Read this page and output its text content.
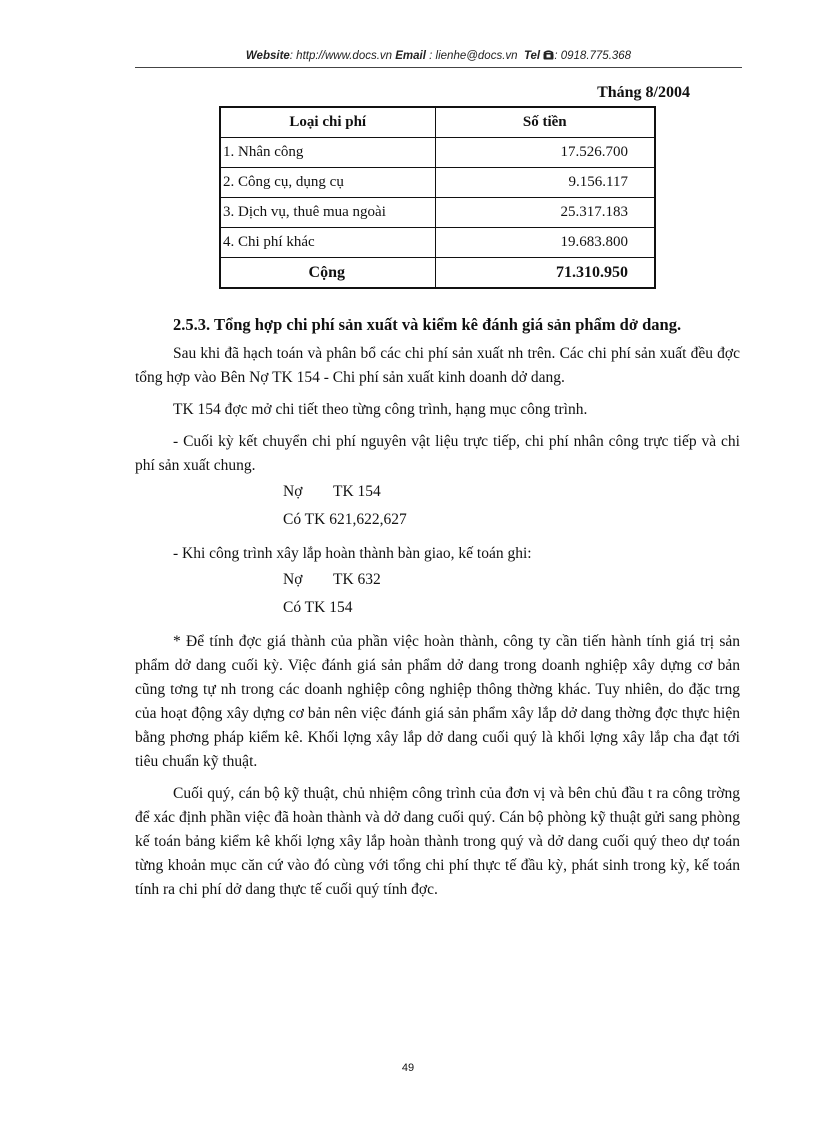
Website: http://www.docs.vn Email : lienhe@docs.vn Tel : 0918.775.368
Tháng 8/2004
Loại chi phí	Số tiền
1. Nhân công	17.526.700
2. Công cụ, dụng cụ	9.156.117
3. Dịch vụ, thuê mua ngoài	25.317.183
4. Chi phí khác	19.683.800
Cộng	71.310.950
2.5.3. Tổng hợp chi phí sản xuất và kiểm kê đánh giá sản phẩm dở dang.

Sau khi đã hạch toán và phân bổ các chi phí sản xuất nh trên. Các chi phí sản xuất đều đợc tổng hợp vào Bên Nợ TK 154 - Chi phí sản xuất kinh doanh dở dang.

TK 154 đợc mở chi tiết theo từng công trình, hạng mục công trình.

- Cuối kỳ kết chuyển chi phí nguyên vật liệu trực tiếp, chi phí nhân công trực tiếp và chi phí sản xuất chung.

Nợ	TK 154
Có TK 621,622,627

- Khi công trình xây lắp hoàn thành bàn giao, kế toán ghi:

Nợ	TK 632
Có TK 154

* Để tính đợc giá thành của phần việc hoàn thành, công ty cần tiến hành tính giá trị sản phẩm dở dang cuối kỳ. Việc đánh giá sản phẩm dở dang trong doanh nghiệp xây dựng cơ bản cũng tơng tự nh trong các doanh nghiệp công nghiệp thông thờng khác. Tuy nhiên, do đặc trng của hoạt động xây dựng cơ bản nên việc đánh giá sản phẩm xây lắp dở dang thờng đợc thực hiện bằng phơng pháp kiểm kê. Khối lợng xây lắp dở dang cuối quý là khối lợng xây lắp cha đạt tới tiêu chuẩn kỹ thuật.

Cuối quý, cán bộ kỹ thuật, chủ nhiệm công trình của đơn vị và bên chủ đầu t ra công trờng để xác định phần việc đã hoàn thành và dở dang cuối quý. Cán bộ phòng kỹ thuật gửi sang phòng kế toán bảng kiểm kê khối lợng xây lắp hoàn thành trong quý và dở dang cuối quý theo dự toán từng khoản mục căn cứ vào đó cùng với tổng chi phí thực tế đầu kỳ, phát sinh trong kỳ, kế toán tính ra chi phí dở dang thực tế cuối quý tính đợc.

49
